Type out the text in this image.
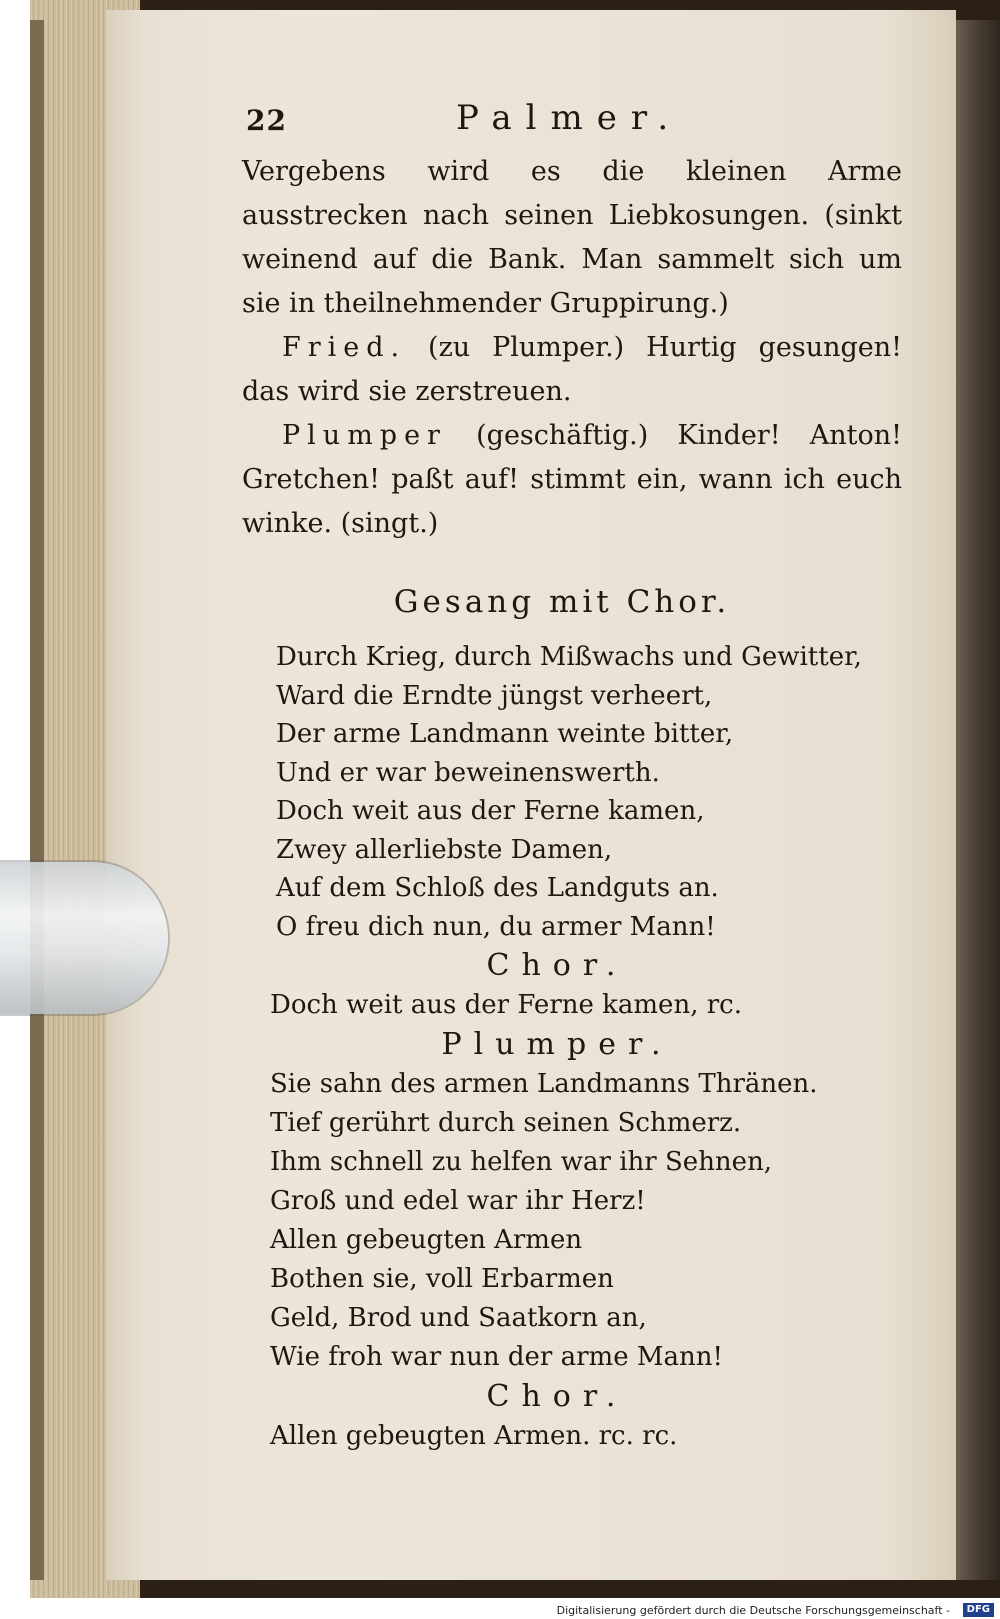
22	Palmer.

Vergebens wird es die kleinen Arme ausstrecken nach seinen Liebkosungen. (sinkt weinend auf die Bank. Man sammelt sich um sie in theilnehmender Gruppirung.)

Fried. (zu Plumper.) Hurtig gesungen! das wird sie zerstreuen.

Plumper (geschäftig.) Kinder! Anton! Gretchen! paßt auf! stimmt ein, wann ich euch winke. (singt.)

Gesang mit Chor.
Durch Krieg, durch Mißwachs und Gewitter,
Ward die Erndte jüngst verheert,
Der arme Landmann weinte bitter,
Und er war beweinenswerth.
Doch weit aus der Ferne kamen,
Zwey allerliebste Damen,
Auf dem Schloß des Landguts an.
O freu dich nun, du armer Mann!
Chor.
Doch weit aus der Ferne kamen, rc.
Plumper.
Sie sahn des armen Landmanns Thränen.
Tief gerührt durch seinen Schmerz.
Ihm schnell zu helfen war ihr Sehnen,
Groß und edel war ihr Herz!
Allen gebeugten Armen
Bothen sie, voll Erbarmen
Geld, Brod und Saatkorn an,
Wie froh war nun der arme Mann!
Chor.
Allen gebeugten Armen. rc. rc.
Digitalisierung gefördert durch die Deutsche Forschungsgemeinschaft -	DFG
